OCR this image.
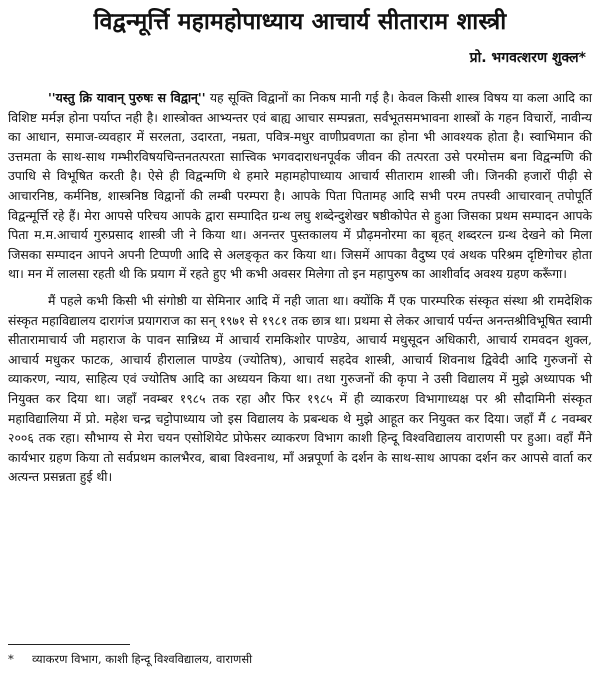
विद्वन्मूर्त्ति महामहोपाध्याय आचार्य सीताराम शास्त्री
प्रो. भगवत्शरण शुक्ल*

''यस्तु क्रि यावान् पुरुषः स विद्वान्'' यह सूक्ति विद्वानों का निकष मानी गई है। केवल किसी शास्त्र विषय या कला आदि का विशिष्ट मर्मज्ञ होना पर्याप्त नही है। शास्त्रोक्त आभ्यन्तर एवं बाह्य आचार सम्पन्नता, सर्वभूतसमभावना शास्त्रों के गहन विचारों, नावीन्य का आधान, समाज-व्यवहार में सरलता, उदारता, नम्रता, पवित्र-मधुर वाणीप्रवणता का होना भी आवश्यक होता है। स्वाभिमान की उत्तमता के साथ-साथ गम्भीरविषयचिन्तनतत्परता सात्त्विक भगवदाराधनपूर्वक जीवन की तत्परता उसे परमोत्तम बना विद्वन्मणि की उपाधि से विभूषित करती है। ऐसे ही विद्वन्मणि थे हमारे महामहोपाध्याय आचार्य सीताराम शास्त्री जी। जिनकी हजारों पीढ़ी से आचारनिष्ठ, कर्मनिष्ठ, शास्त्रनिष्ठ विद्वानों की लम्बी परम्परा है। आपके पिता पितामह आदि सभी परम तपस्वी आचारवान् तपोपूर्ति विद्वन्मूर्त्ति रहे हैं। मेरा आपसे परिचय आपके द्वारा सम्पादित ग्रन्थ लघु शब्देन्दुशेखर षष्ठीकोपेत से हुआ जिसका प्रथम सम्पादन आपके पिता म.म.आचार्य गुरुप्रसाद शास्त्री जी ने किया था। अनन्तर पुस्तकालय में प्रौढ़मनोरमा का बृहत् शब्दरत्न ग्रन्थ देखने को मिला जिसका सम्पादन आपने अपनी टिप्पणी आदि से अलङ्कृत कर किया था। जिसमें आपका वैदुष्य एवं अथक परिश्रम दृष्टिगोचर होता था। मन में लालसा रहती थी कि प्रयाग में रहते हुए भी कभी अवसर मिलेगा तो इन महापुरुष का आशीर्वाद अवश्य ग्रहण करूँगा।

मैं पहले कभी किसी भी संगोष्ठी या सेमिनार आदि में नही जाता था। क्योंकि मैं एक पारम्परिक संस्कृत संस्था श्री रामदेशिक संस्कृत महाविद्यालय दारागंज प्रयागराज का सन् १९७१ से १९८१ तक छात्र था। प्रथमा से लेकर आचार्य पर्यन्त अनन्तश्रीविभूषित स्वामी सीतारामाचार्य जी महाराज के पावन सान्निध्य में आचार्य रामकिशोर पाण्डेय, आचार्य मधुसूदन अधिकारी, आचार्य रामवदन शुक्ल, आचार्य मधुकर फाटक, आचार्य हीरालाल पाण्डेय (ज्योतिष), आचार्य सहदेव शास्त्री, आचार्य शिवनाथ द्विवेदी आदि गुरुजनों से व्याकरण, न्याय, साहित्य एवं ज्योतिष आदि का अध्ययन किया था। तथा गुरुजनों की कृपा ने उसी विद्यालय में मुझे अध्यापक भी नियुक्त कर दिया था। जहाँ नवम्बर १९८५ तक रहा और फिर १९८५ में ही व्याकरण विभागाध्यक्ष पर श्री सौदामिनी संस्कृत महाविद्यालिया में प्रो. महेश चन्द्र चट्टोपाध्याय जो इस विद्यालय के प्रबन्धक थे मुझे आहूत कर नियुक्त कर दिया। जहाँ मैं ८ नवम्बर २००६ तक रहा। सौभाग्य से मेरा चयन एसोशियेट प्रोफेसर व्याकरण विभाग काशी हिन्दू विश्वविद्यालय वाराणसी पर हुआ। वहाँ मैंने कार्यभार ग्रहण किया तो सर्वप्रथम कालभैरव, बाबा विश्वनाथ, माँ अन्नपूर्णा के दर्शन के साथ-साथ आपका दर्शन कर आपसे वार्ता कर अत्यन्त प्रसन्नता हुई थी।

* व्याकरण विभाग, काशी हिन्दू विश्वविद्यालय, वाराणसी
